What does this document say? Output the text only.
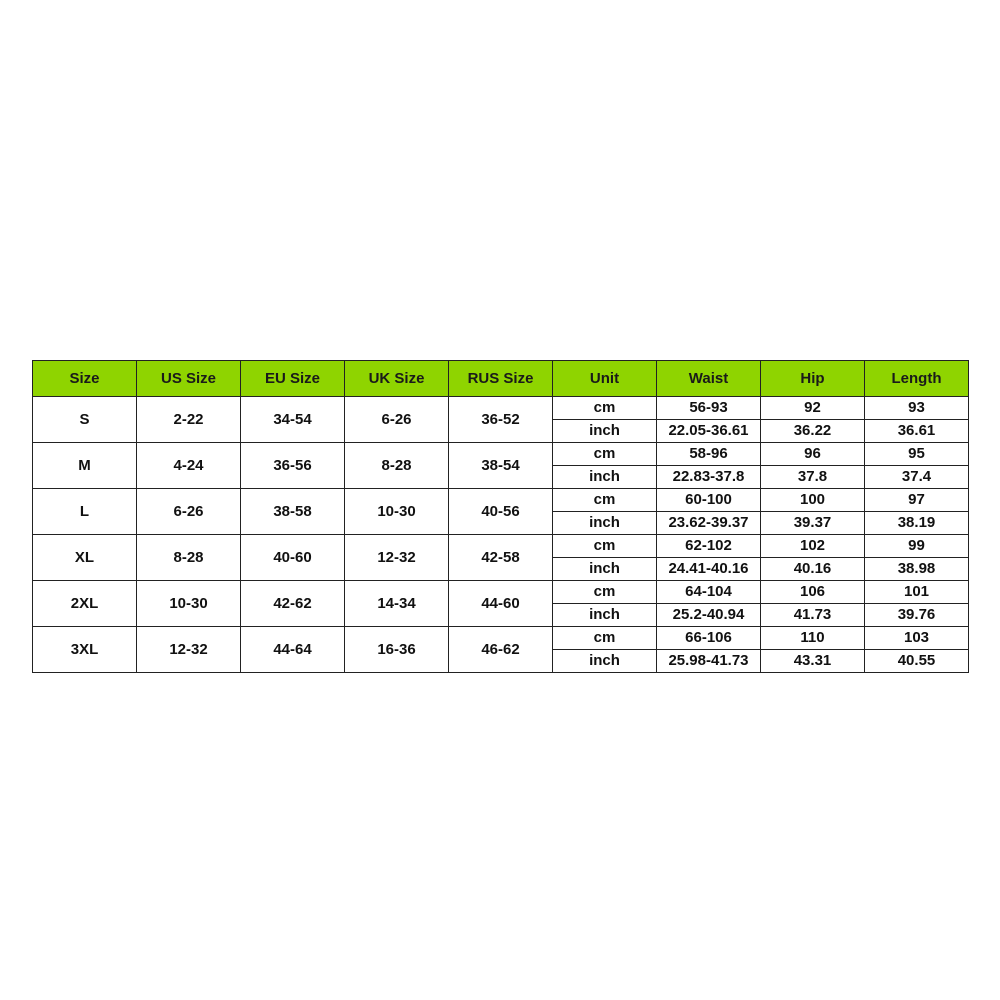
Size	US Size	EU Size	UK Size	RUS Size	Unit	Waist	Hip	Length
S	2-22	34-54	6-26	36-52	cm	56-93	92	93
					inch	22.05-36.61	36.22	36.61
M	4-24	36-56	8-28	38-54	cm	58-96	96	95
					inch	22.83-37.8	37.8	37.4
L	6-26	38-58	10-30	40-56	cm	60-100	100	97
					inch	23.62-39.37	39.37	38.19
XL	8-28	40-60	12-32	42-58	cm	62-102	102	99
					inch	24.41-40.16	40.16	38.98
2XL	10-30	42-62	14-34	44-60	cm	64-104	106	101
					inch	25.2-40.94	41.73	39.76
3XL	12-32	44-64	16-36	46-62	cm	66-106	110	103
					inch	25.98-41.73	43.31	40.55
